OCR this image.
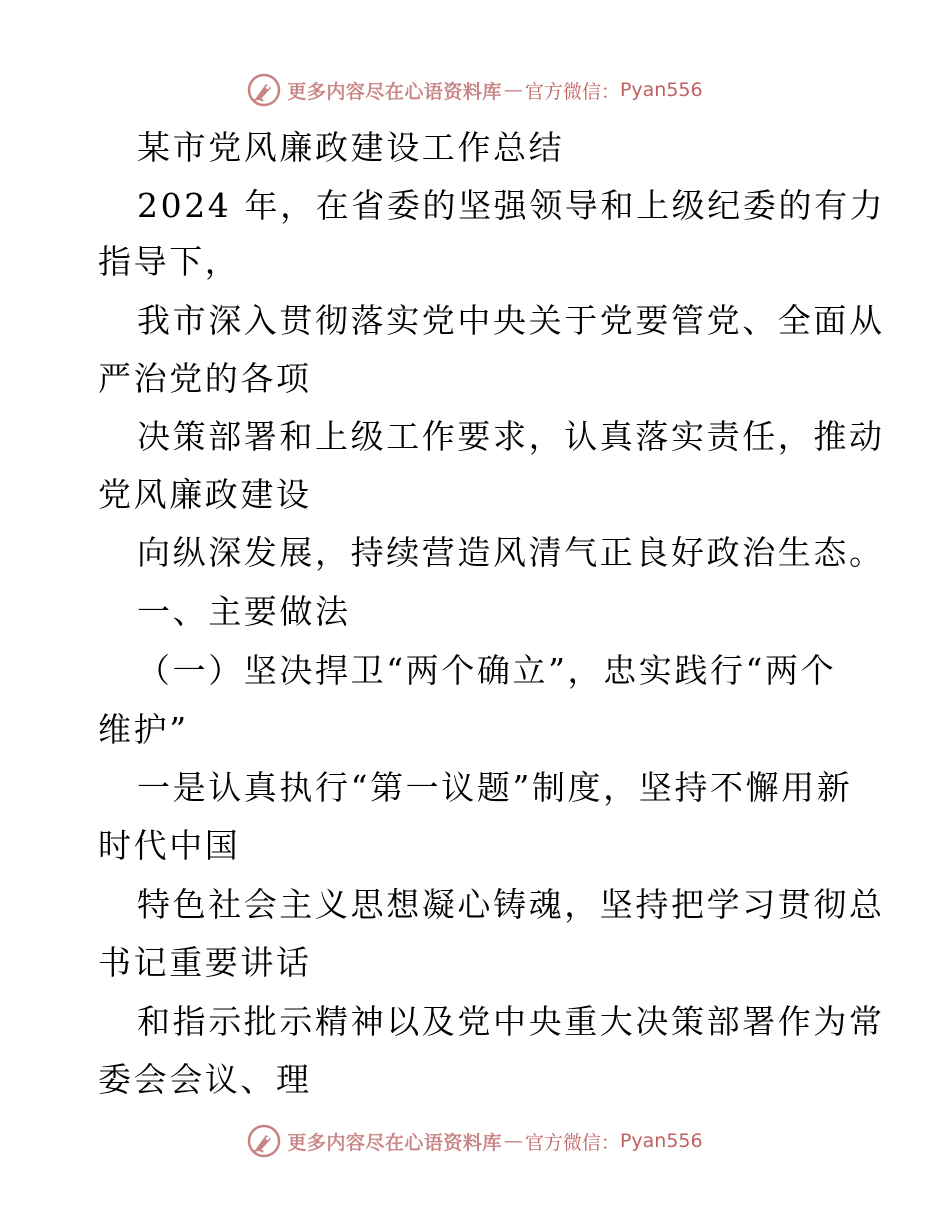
更多内容尽在心语资料库 — 官方微信： Pyan556
某市党风廉政建设工作总结
2024 年，在省委的坚强领导和上级纪委的有力
指导下，
我市深入贯彻落实党中央关于党要管党、全面从
严治党的各项
决策部署和上级工作要求，认真落实责任，推动
党风廉政建设
向纵深发展，持续营造风清气正良好政治生态。
一、主要做法
（一）坚决捍卫“两个确立”，忠实践行“两个
维护”
一是认真执行“第一议题”制度，坚持不懈用新
时代中国
特色社会主义思想凝心铸魂，坚持把学习贯彻总
书记重要讲话
和指示批示精神以及党中央重大决策部署作为常
委会会议、理
更多内容尽在心语资料库 — 官方微信： Pyan556
